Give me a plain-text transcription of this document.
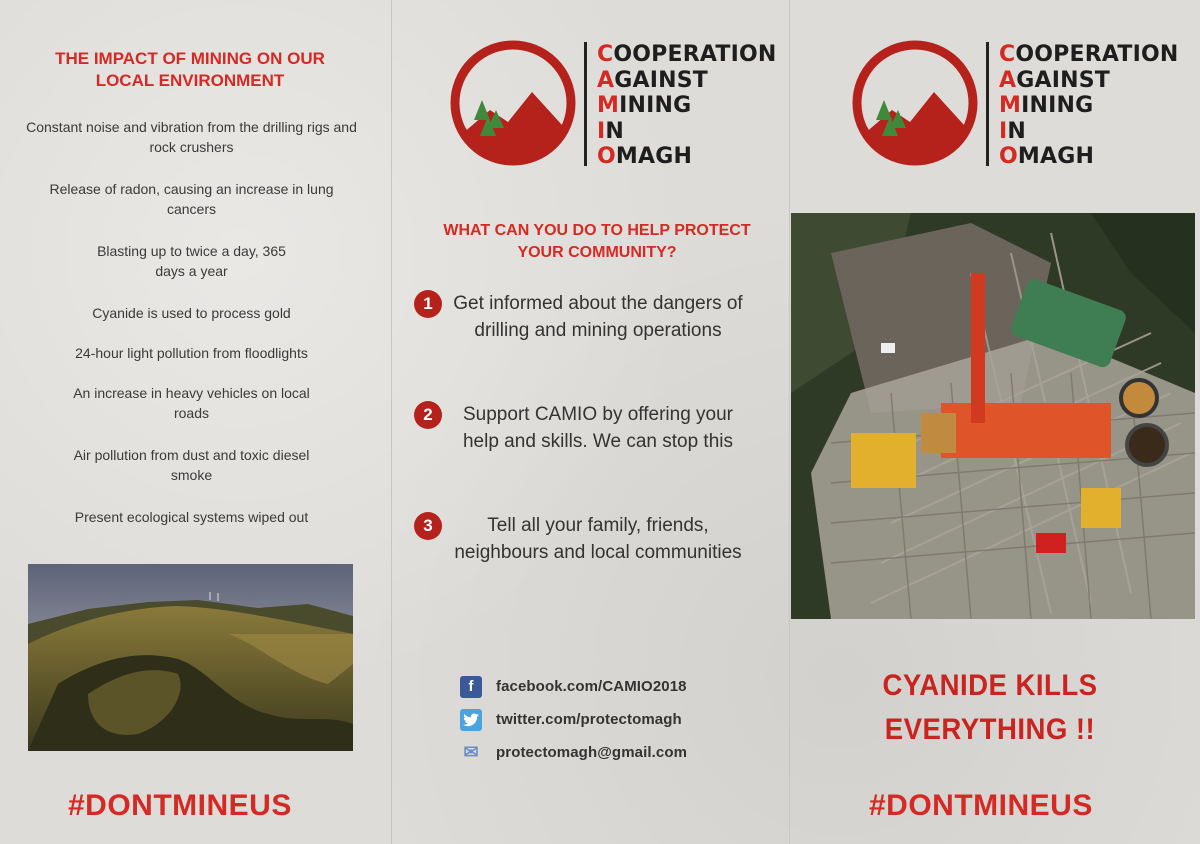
THE IMPACT OF MINING ON OUR LOCAL ENVIRONMENT
Constant noise and vibration from the drilling rigs and rock crushers
Release of radon, causing an increase in lung cancers
Blasting up to twice a day, 365 days a year
Cyanide is used to process gold
24-hour light pollution from floodlights
An increase in heavy vehicles on local roads
Air pollution from dust and toxic diesel smoke
Present ecological systems wiped out
#DONTMINEUS
COOPERATION
AGAINST
MINING
IN
OMAGH
WHAT CAN YOU DO TO HELP PROTECT YOUR COMMUNITY?
1	Get informed about the dangers of drilling and mining operations
2	Support CAMIO by offering your help and skills. We can stop this
3	Tell all your family, friends, neighbours and local communities
f	facebook.com/CAMIO2018
twitter.com/protectomagh
✉ protectomagh@gmail.com
COOPERATION
AGAINST
MINING
IN
OMAGH
CYANIDE KILLS
EVERYTHING !!
#DONTMINEUS
